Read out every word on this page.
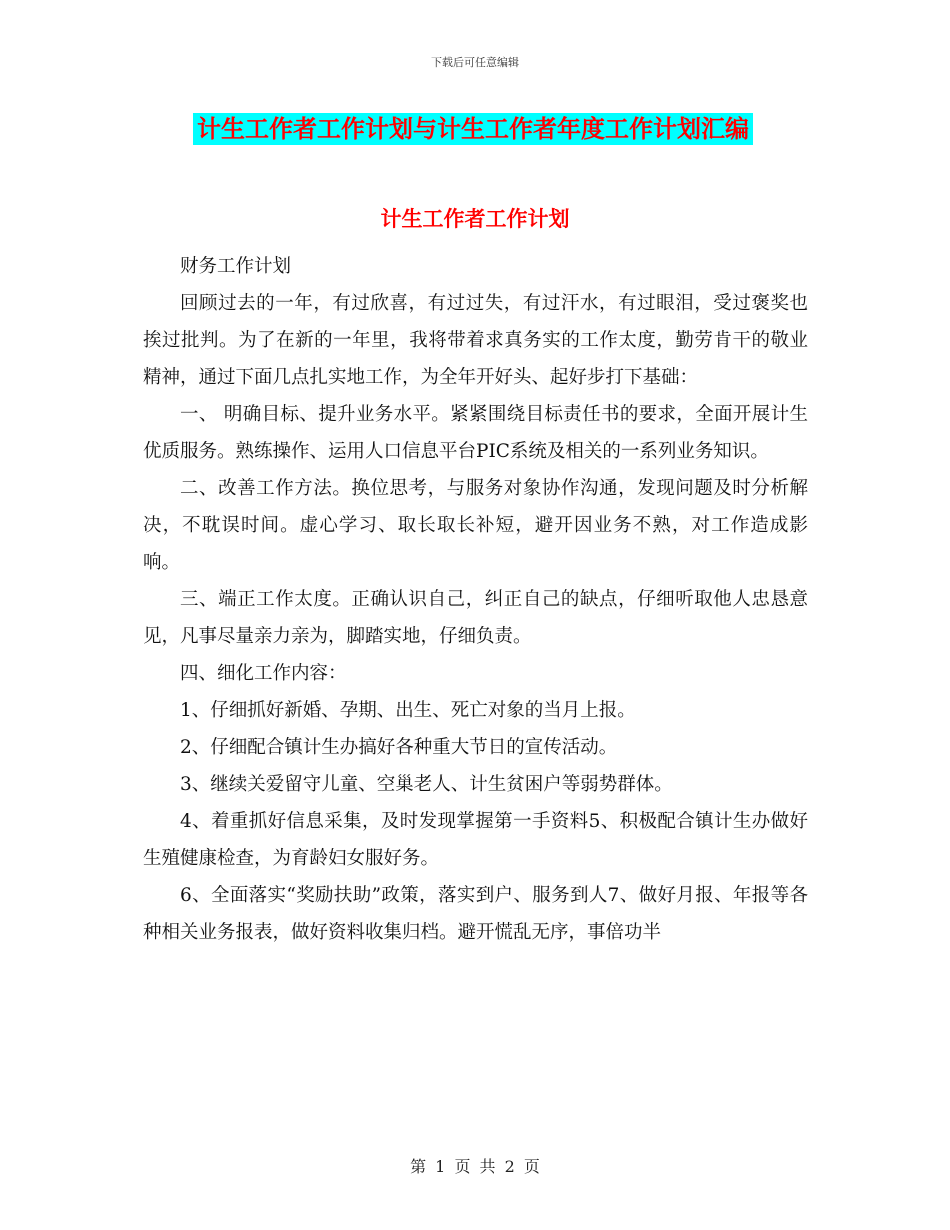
下载后可任意编辑
计生工作者工作计划与计生工作者年度工作计划汇编
计生工作者工作计划

财务工作计划

回顾过去的一年，有过欣喜，有过过失，有过汗水，有过眼泪，受过褒奖也挨过批判。为了在新的一年里，我将带着求真务实的工作太度，勤劳肯干的敬业精神，通过下面几点扎实地工作，为全年开好头、起好步打下基础：

一、 明确目标、提升业务水平。紧紧围绕目标责任书的要求，全面开展计生优质服务。熟练操作、运用人口信息平台PIC系统及相关的一系列业务知识。

二、改善工作方法。换位思考，与服务对象协作沟通，发现问题及时分析解决，不耽误时间。虚心学习、取长取长补短，避开因业务不熟，对工作造成影响。

三、端正工作太度。正确认识自己，纠正自己的缺点，仔细听取他人忠恳意见，凡事尽量亲力亲为，脚踏实地，仔细负责。

四、细化工作内容：

1、仔细抓好新婚、孕期、出生、死亡对象的当月上报。

2、仔细配合镇计生办搞好各种重大节日的宣传活动。

3、继续关爱留守儿童、空巢老人、计生贫困户等弱势群体。

4、着重抓好信息采集，及时发现掌握第一手资料5、积极配合镇计生办做好生殖健康检查，为育龄妇女服好务。

6、全面落实“奖励扶助”政策，落实到户、服务到人7、做好月报、年报等各种相关业务报表，做好资料收集归档。避开慌乱无序，事倍功半

第 1 页 共 2 页
